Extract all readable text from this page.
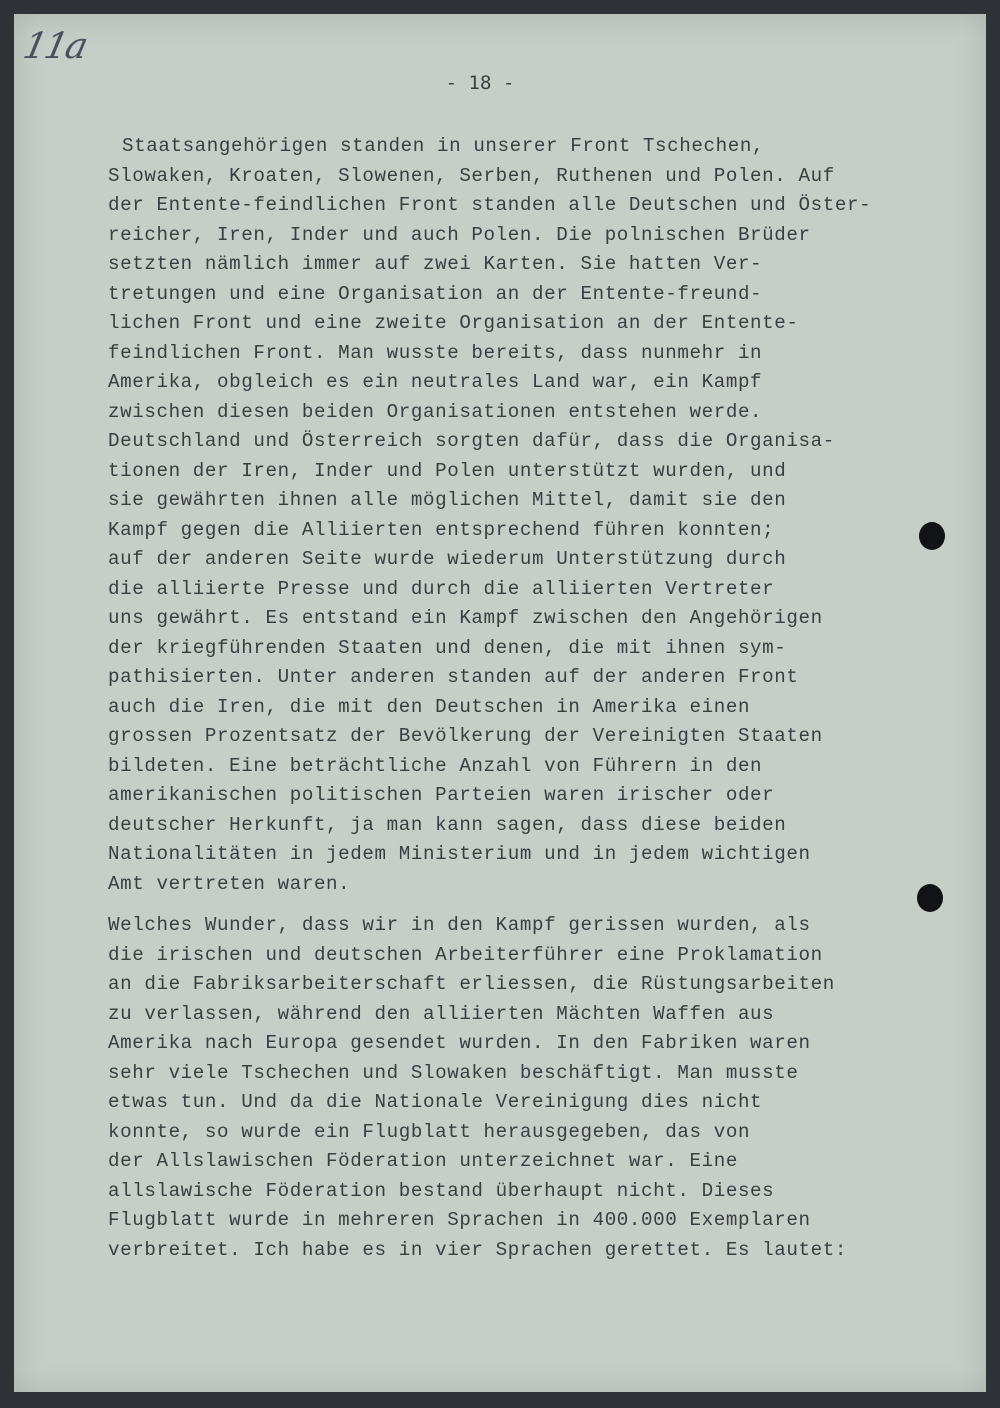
11a
- 18 -
Staatsangehörigen standen in unserer Front Tschechen,
Slowaken, Kroaten, Slowenen, Serben, Ruthenen und Polen. Auf
der Entente-feindlichen Front standen alle Deutschen und Öster-
reicher, Iren, Inder und auch Polen. Die polnischen Brüder
setzten nämlich immer auf zwei Karten. Sie hatten Ver-
tretungen und eine Organisation an der Entente-freund-
lichen Front und eine zweite Organisation an der Entente-
feindlichen Front. Man wusste bereits, dass nunmehr in
Amerika, obgleich es ein neutrales Land war, ein Kampf
zwischen diesen beiden Organisationen entstehen werde.
Deutschland und Österreich sorgten dafür, dass die Organisa-
tionen der Iren, Inder und Polen unterstützt wurden, und
sie gewährten ihnen alle möglichen Mittel, damit sie den
Kampf gegen die Alliierten entsprechend führen konnten;
auf der anderen Seite wurde wiederum Unterstützung durch
die alliierte Presse und durch die alliierten Vertreter
uns gewährt. Es entstand ein Kampf zwischen den Angehörigen
der kriegführenden Staaten und denen, die mit ihnen sym-
pathisierten. Unter anderen standen auf der anderen Front
auch die Iren, die mit den Deutschen in Amerika einen
grossen Prozentsatz der Bevölkerung der Vereinigten Staaten
bildeten. Eine beträchtliche Anzahl von Führern in den
amerikanischen politischen Parteien waren irischer oder
deutscher Herkunft, ja man kann sagen, dass diese beiden
Nationalitäten in jedem Ministerium und in jedem wichtigen
Amt vertreten waren.
Welches Wunder, dass wir in den Kampf gerissen wurden, als
die irischen und deutschen Arbeiterführer eine Proklamation
an die Fabriksarbeiterschaft erliessen, die Rüstungsarbeiten
zu verlassen, während den alliierten Mächten Waffen aus
Amerika nach Europa gesendet wurden. In den Fabriken waren
sehr viele Tschechen und Slowaken beschäftigt. Man musste
etwas tun. Und da die Nationale Vereinigung dies nicht
konnte, so wurde ein Flugblatt herausgegeben, das von
der Allslawischen Föderation unterzeichnet war. Eine
allslawische Föderation bestand überhaupt nicht. Dieses
Flugblatt wurde in mehreren Sprachen in 400.000 Exemplaren
verbreitet. Ich habe es in vier Sprachen gerettet. Es lautet:
